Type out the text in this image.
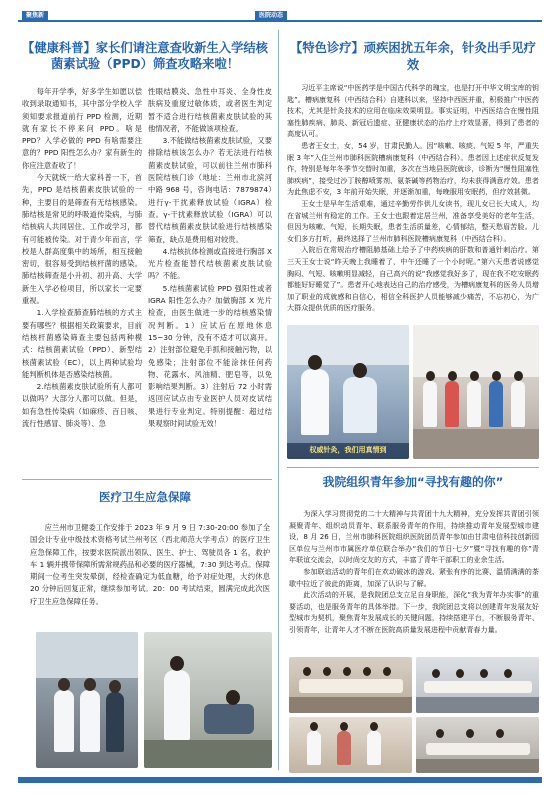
聚焦新	医院动态
【健康科普】家长们请注意查收新生入学结核菌素试验（PPD）筛查攻略来啦！

每年开学季，好多学生如愿以偿收到录取通知书，其中部分学校入学须知要求报道前行 PPD 检测，近期就有家长不停来问 PPD。啥是 PPD？入学必做的 PPD 有啥需要注意的？PPD 阳性怎么办？家有新生的你应注意查收了！

今天就统一给大家科普一下，首先，PPD 是结核菌素皮肤试验的一种，主要目的是筛查有无结核感染。肺结核是常见的呼吸道传染病，与肺结核病人共同居住、工作或学习，都有可能被传染。对于青少年而言，学校是人群高度集中的场所，相互接触密切，很容易受到结核杆菌的感染。肺结核筛查是小升初、初升高、大学新生入学必检项目，所以家长一定要重视。

1.入学检查肺查肺结核的方式主要有哪些？根据相关政策要求，目前结核杆菌感染筛查主要包括两种模式：结核菌素试验（PPD）、新型结核菌素试验（EC），以上两种试验均能判断机体是否感染结核菌。

2.结核菌素皮肤试验所有人都可以做吗？大部分人都可以做。但是，如有急性传染病（如麻疹、百日咳、流行性感冒、肺炎等）、急

性眼结膜炎、急性中耳炎、全身性皮肤病及重度过敏体质，或者医生判定暂不适合进行结核菌素皮肤试验的其他情况者，不能做该项检查。

3.不能做结核菌素皮肤试验，又要排除结核该怎么办？若无法进行结核菌素皮肤试验，可以前往兰州市肺科医院结核门诊（地址：兰州市北滨河中路 968 号，咨询电话：7879874）进行γ-干扰素释放试验（IGRA）检查。γ-干扰素释放试验（IGRA）可以替代结核菌素皮肤试验进行结核感染筛查，缺点是费用相对较贵。

4.结核抗体检测或直接进行胸部 X 光片检查能替代结核菌素皮肤试验吗？不能。

5.结核菌素试验 PPD 强阳性或者 IGRA 阳性怎么办？加做胸部 X 光片检查，由医生做进一步的结核感染情况判断。1）应试后在原地休息 15~30 分钟，没有不适才可以离开。2）注射部位避免手抓和接触污物，以免感染；注射部位不能涂抹任何药物、花露水、风油精、肥皂等，以免影响结果判断。3）注射后 72 小时需返回应试点由专业医护人员对皮试结果进行专业判定。特别提醒：超过结果观察时间试验无效！

医疗卫生应急保障

应兰州市卫健委工作安排于 2023 年 9 月 9 日 7:30-20:00 参加了全国会计专业中级技术资格考试兰州考区（西北师范大学考点）的医疗卫生应急保障工作，按要求医院派出领队、医生、护士、驾驶员各 1 名，救护车 1 辆并携带保障所需常规药品和必要的医疗器械，7:30 到达考点。保障期间一位考生突发晕倒，经检查确定为低血糖，给予对症处理，大约休息 20 分钟后回复正常，继续参加考试。20：00 考试结束，圆满完成此次医疗卫生应急保障任务。

【特色诊疗】顽疾困扰五年余，针灸出手见疗效

习近平主席说“中医药学是中国古代科学的瑰宝，也是打开中华文明宝库的钥匙”。槽病康复科（中西结合科）自建科以来，坚持中西医并重，积极推广中医药技术，尤其是针灸技术的应用在临床效果明显。事实证明，中西医结合在慢性阻塞性肺疾病、肺炎、新冠后遗症、亚健康状态的治疗上疗效显著，得到了患者的高度认可。

患者王女士，女，54 岁，甘肃民勤人。因“咳嗽、咳痰、气短 5 年，严重失眠 3 年”入住兰州市肺科医院槽病康复科（中西结合科）。患者因上述症状反复发作，特别是每年冬季节交替时加重，多次在当地县医院就诊，诊断为“慢性阻塞性肺疾病”，接受过沙丁胺醇喷雾剂、氨茶碱等药物治疗，均未获得满意疗效。患者为此焦虑不安，3 年前开始失眠，并逐渐加重，每晚服用安眠药，但疗效甚微。

王女士是早年生活艰难，通过辛勤劳作供儿女读书，现儿女已长大成人，均在省城兰州有稳定的工作。王女士也跟着定居兰州，准备享受美好的老年生活，但因为咳嗽、气短，长期失眠，患者生活质量差，心情郁结，整天愁眉苦脸。儿女们多方打听，最终选择了兰州市肺科医院槽病康复科（中西结合科）。

入院后在常规治疗槽阻肺基础上给予了中药疾病的肝数和普通针刺治疗。第三天王女士说“昨天晚上我睡着了，中午还睡了一个小时呢。”第六天患者说感觉胸闷、气短、咳嗽明显减轻，自己高兴的说“我感觉我好多了，现在我不吃安眠药都能好好睡觉了”。患者开心地表达自己的治疗感受，为槽病康复科的医务人员增加了职业的成就感和自信心，相信全科医护人员能够减少痛苦，不忘初心，为广大群众提供优质的医疗服务。

权威针灸，我们用真情到
我院组织青年参加“寻找有趣的你”

为深入学习贯彻党的二十大精神与共青团十九大精神，充分发挥共青团引领凝聚青年、组织动员青年、联系服务青年的作用，持续推动青年发展型城市建设，8 月 26 日，兰州市肺科医院组织医院团员青年参加由甘肃电信科技创新园区单位与兰州市市属医疗单位联合举办“我们的节日·七夕”暨“寻找有趣的你”青年联谊交流会，以时尚交友的方式，丰富了青年干部职工的业余生活。

参加联谊活动的青年们在欢动破冰的游戏、紧张有序的比赛、温情满满的茶歇中拉近了彼此的距离，加深了认识与了解。

此次活动的开展，是我院团总支立足自身职能，深化“我为青年办实事”的重要活动，也是服务青年的具体举措。下一步，我院团总支将以创建青年发展友好型城市为契机，聚焦青年发展成长的关键问题，持续搭建平台，不断服务青年、引领青年，让青年人才不断在医院高质量发展进程中贡献青春力量。
